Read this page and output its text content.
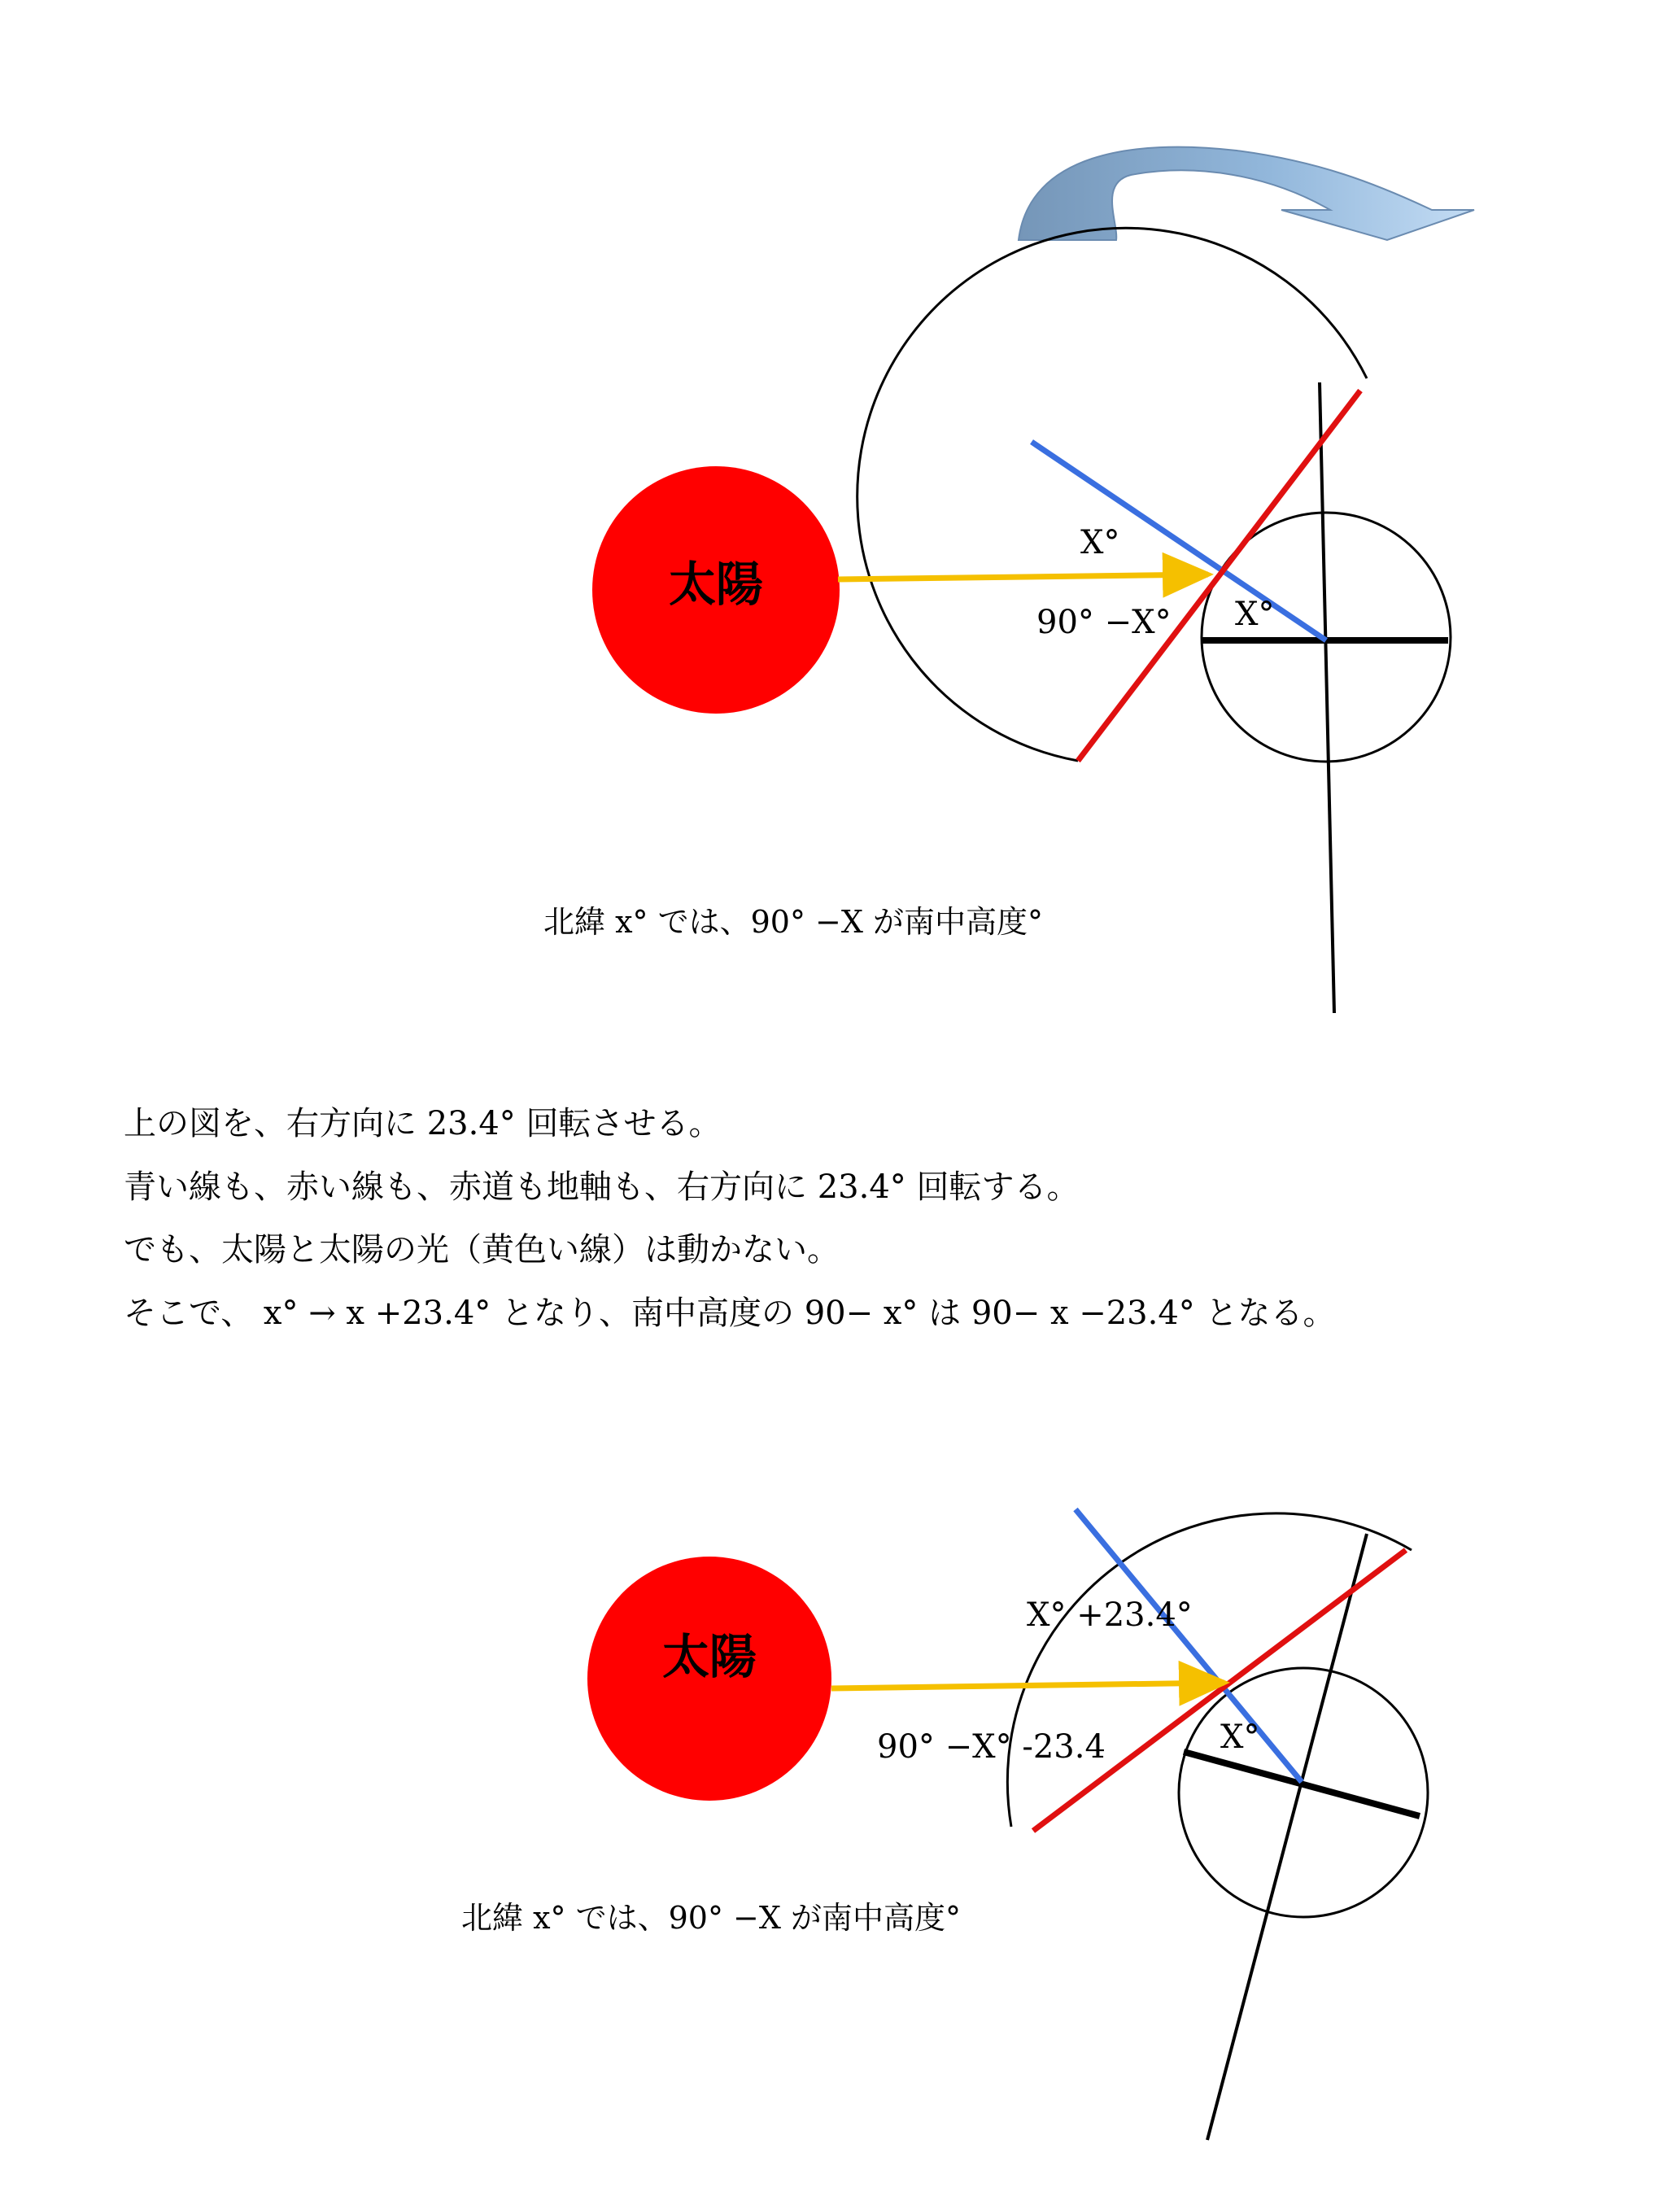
太陽
X°
90° −X° X°
北緯 x° では、90° −X が南中高度°
太陽
X° +23.4°
90° −X° -23.4	X°
北緯 x° では、90° −X が南中高度°
上の図を、右方向に 23.4° 回転させる。
青い線も、赤い線も、赤道も地軸も、右方向に 23.4° 回転する。
でも、太陽と太陽の光（黄色い線）は動かない。
そこで、 x° → x +23.4° となり、南中高度の 90− x° は 90− x −23.4° となる。
